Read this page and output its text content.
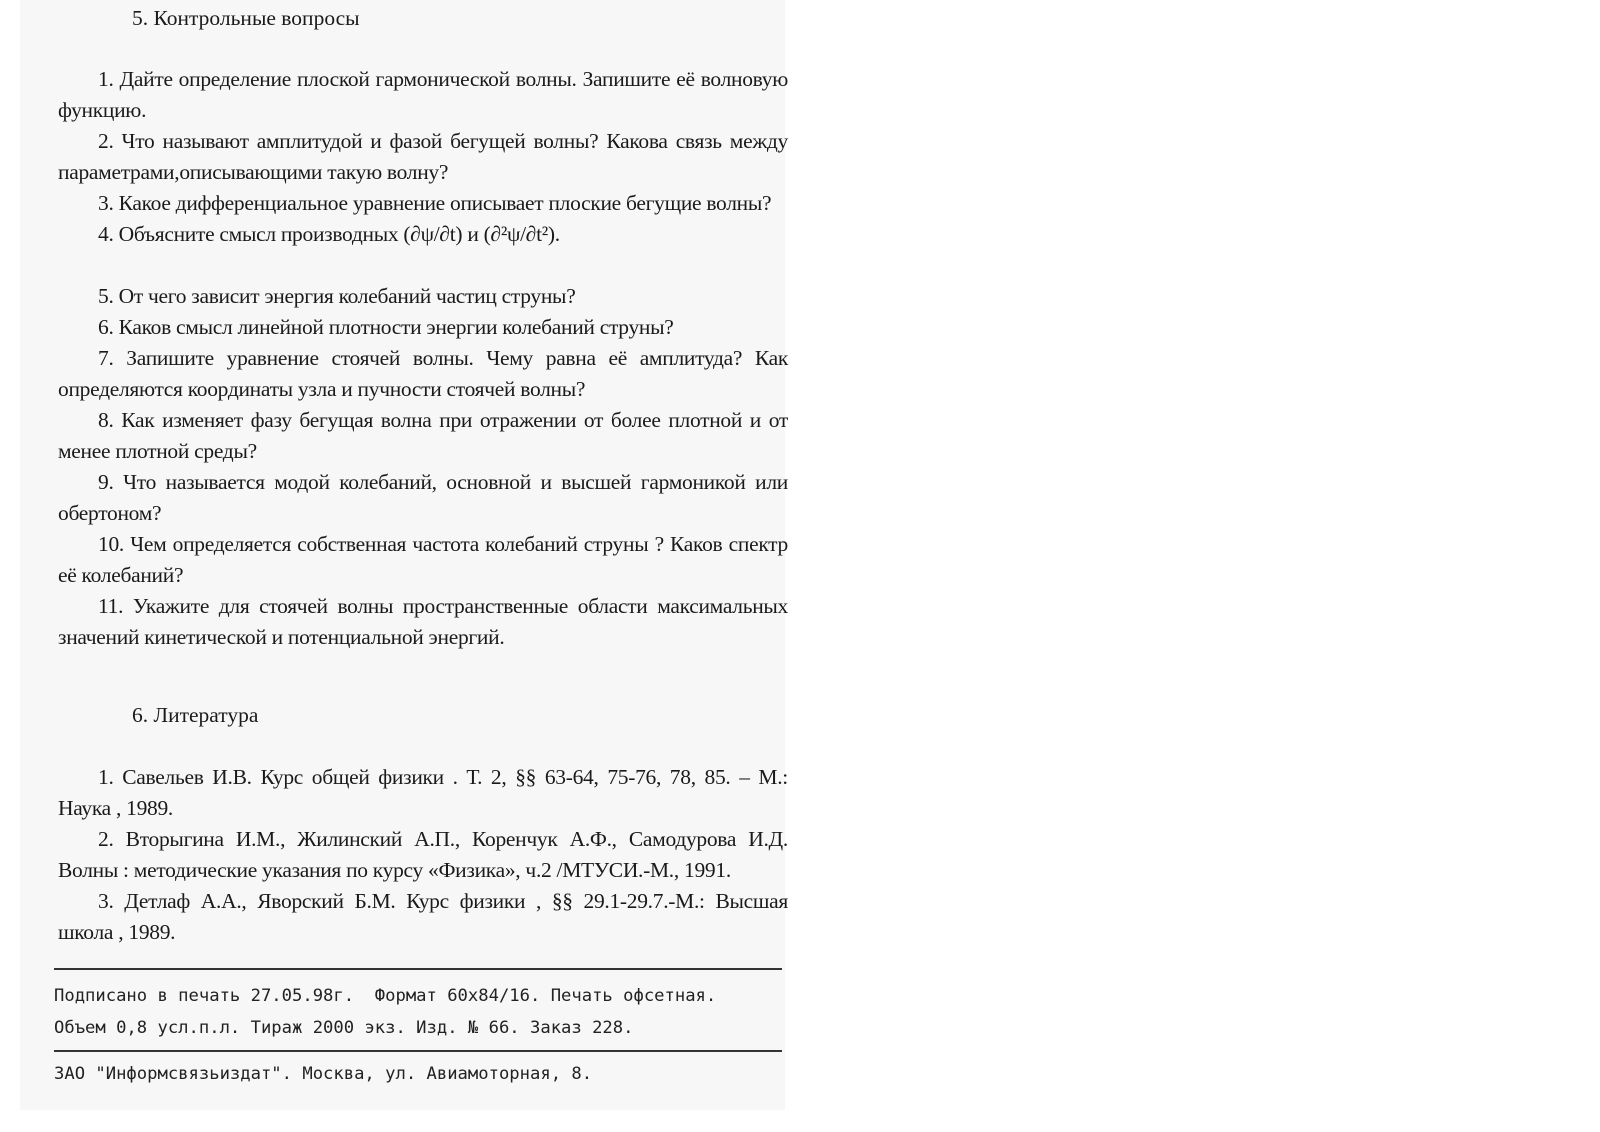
5. Контрольные вопросы

1. Дайте определение плоской гармонической волны. Запишите её волновую функцию.

2. Что называют амплитудой и фазой бегущей волны? Какова связь между параметрами,описывающими такую волну?

3. Какое дифференциальное уравнение описывает плоские бегущие волны?

4. Объясните смысл производных (∂ψ/∂t) и (∂²ψ/∂t²).

5. От чего зависит энергия колебаний частиц струны?

6. Каков смысл линейной плотности энергии колебаний струны?

7. Запишите уравнение стоячей волны. Чему равна её амплитуда? Как определяются координаты узла и пучности стоячей волны?

8. Как изменяет фазу бегущая волна при отражении от более плотной и от менее плотной среды?

9. Что называется модой колебаний, основной и высшей гармоникой или обертоном?

10. Чем определяется собственная частота колебаний струны ? Каков спектр её колебаний?

11. Укажите для стоячей волны пространственные области максимальных значений кинетической и потенциальной энергий.

6. Литература

1. Савельев И.В. Курс общей физики . Т. 2, §§ 63-64, 75-76, 78, 85. – М.: Наука , 1989.

2. Вторыгина И.М., Жилинский А.П., Коренчук А.Ф., Самодурова И.Д. Волны : методические указания по курсу «Физика», ч.2 /МТУСИ.-М., 1991.

3. Детлаф А.А., Яворский Б.М. Курс физики , §§ 29.1-29.7.-М.: Высшая школа , 1989.

Подписано в печать 27.05.98г.  Формат 60x84/16. Печать офсетная.
Объем 0,8 усл.п.л. Тираж 2000 экз. Изд. № 66. Заказ 228.
ЗАО "Информсвязьиздат". Москва, ул. Авиамоторная, 8.
